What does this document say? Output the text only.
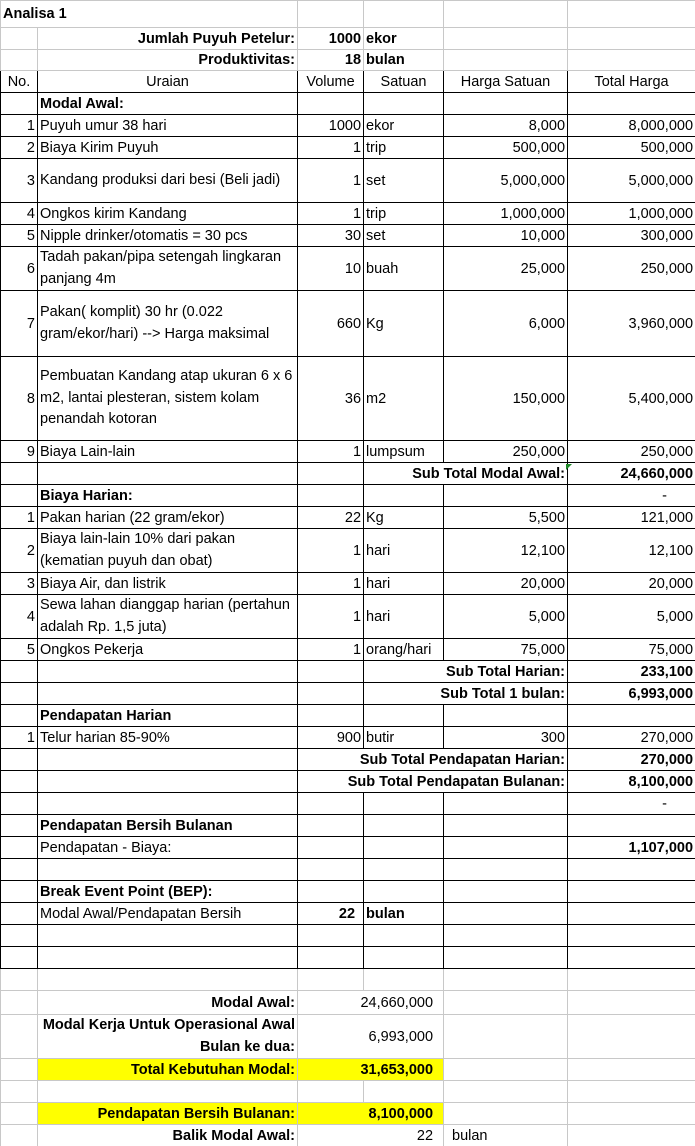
Analisa 1					
	Jumlah Puyuh Petelur:	1000	ekor		
	Produktivitas:	18	bulan		
No.	Uraian	Volume	Satuan	Harga Satuan	Total Harga
	Modal Awal:				
1	Puyuh umur 38 hari	1000	ekor	8,000	8,000,000
2	Biaya Kirim Puyuh	1	trip	500,000	500,000
3	Kandang produksi dari besi (Beli jadi)	1	set	5,000,000	5,000,000
4	Ongkos kirim Kandang	1	trip	1,000,000	1,000,000
5	Nipple drinker/otomatis = 30 pcs	30	set	10,000	300,000
6	Tadah pakan/pipa setengah lingkaran panjang 4m	10	buah	25,000	250,000
7	Pakan( komplit) 30 hr (0.022 gram/ekor/hari) --> Harga maksimal	660	Kg	6,000	3,960,000
8	Pembuatan Kandang atap ukuran 6 x 6 m2, lantai plesteran, sistem kolam penandah kotoran	36	m2	150,000	5,400,000
9	Biaya Lain-lain	1	lumpsum	250,000	250,000
			Sub Total Modal Awal:		24,660,000
	Biaya Harian:				-
1	Pakan harian (22 gram/ekor)	22	Kg	5,500	121,000
2	Biaya lain-lain 10% dari pakan (kematian puyuh dan obat)	1	hari	12,100	12,100
3	Biaya Air, dan listrik	1	hari	20,000	20,000
4	Sewa lahan dianggap harian (pertahun adalah Rp. 1,5 juta)	1	hari	5,000	5,000
5	Ongkos Pekerja	1	orang/hari	75,000	75,000
			Sub Total Harian:		233,100
			Sub Total 1 bulan:		6,993,000
	Pendapatan Harian				
1	Telur harian 85-90%	900	butir	300	270,000
		Sub Total Pendapatan Harian:			270,000
		Sub Total Pendapatan Bulanan:			8,100,000
					-
	Pendapatan Bersih Bulanan				
	Pendapatan - Biaya:				1,107,000

	Break Event Point (BEP):				
	Modal Awal/Pendapatan Bersih	22	bulan		

	Modal Awal:	24,660,000			
	Modal Kerja Untuk Operasional Awal Bulan ke dua:	6,993,000			
	Total Kebutuhan Modal:	31,653,000			

	Pendapatan Bersih Bulanan:	8,100,000			
	Balik Modal Awal:	22		bulan	
